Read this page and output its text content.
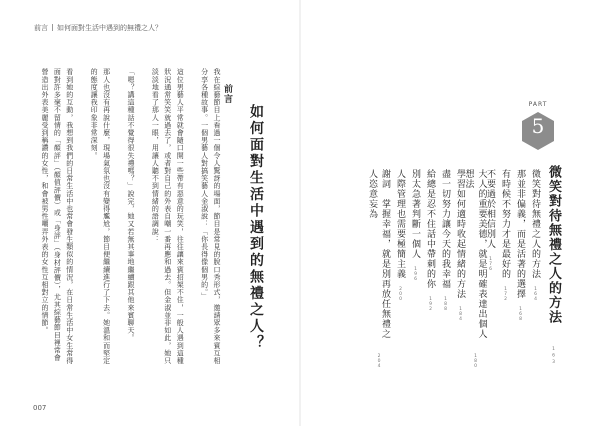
前言 如何面對生活中遇到的無禮之人？

我在綜藝節目上看過一個令人驚訝的場面，節目是常見的脫口秀形式，邀請眾多來賓互相分享各種故事。一個男藝人對搞笑藝人金淑說：「你長得像個男的。」

這位男藝人平常就會隨口開一些帶有惡意的玩笑，往往讓來賓招架不住，一般人遇到這種狀況通常笑笑就過去了，或者對自己的外表自嘲一番再應和過去。但金淑並非如此，她只淡淡地看了那人一眼，用讓人聽不到情緒的語調說：

「嗯？講這種話不覺得很失禮嗎？」說完，她又若無其事地繼續跟其他來賓聊天。

那人也沒有再說什麼，現場氣氛也沒有變得尷尬，節目便繼續進行了下去。她溫和而堅定的態度讓我印象非常深刻。

看到她的互動，我想到我們的日常生活中也常會發生類似的情況，在日常生活中女生常得面對許多毫不留情的「顏評」（顏值評價）或「身評」（身材評價），尤其綜藝節目裡常會營造出外表美麗受到稱讚的女性，和會被男性嘲弄外表的女性互相對立的情節。	前言
如何面對生活中遇到的無禮之人？
007
PART
5
微笑對待無禮之人的方法 163
微笑對待無禮之人的方法
164
那並非偏義，而是活著的選擇
168
有時候不努力才是最好的
172
不要過於相信別人
176
大人的重要美德，就是明確表達出個人想法
180
學習如何適時收起情緒的方法
184
盡一切努力讓今天的我幸福
188
給總是忍不住話中帶刺的你
192
別太急著判斷一個人
196
人際管理也需要極簡主義
200
謝詞　掌握幸福，就是別再放任無禮之人恣意妄為
204
